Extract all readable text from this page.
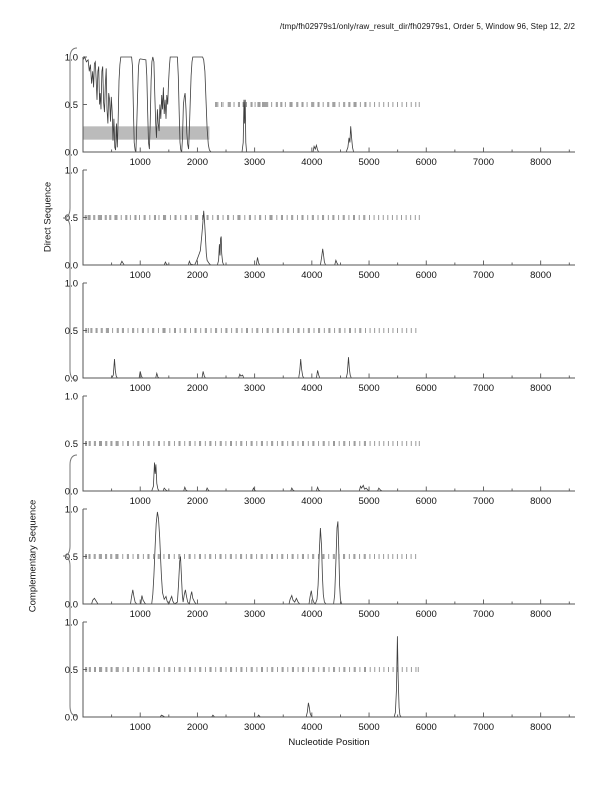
/tmp/fh02979s1/only/raw_result_dir/fh02979s1, Order 5, Window 96, Step 12, 2/2
1000	2000	3000	4000	5000	6000	7000	8000
1.0
0.5
0.0
1000	2000	3000	4000	5000	6000	7000	8000
1.0
0.5
0.0
1000	2000	3000	4000	5000	6000	7000	8000
1.0
0.5
0.0
1000	2000	3000	4000	5000	6000	7000	8000
1.0
0.5
0.0
1000	2000	3000	4000	5000	6000	7000	8000
1.0
0.5
0.0
1000	2000	3000	4000	5000	6000	7000	8000
1.0
0.5
0.0
Direct Sequence
Complementary Sequence
Nucleotide Position
